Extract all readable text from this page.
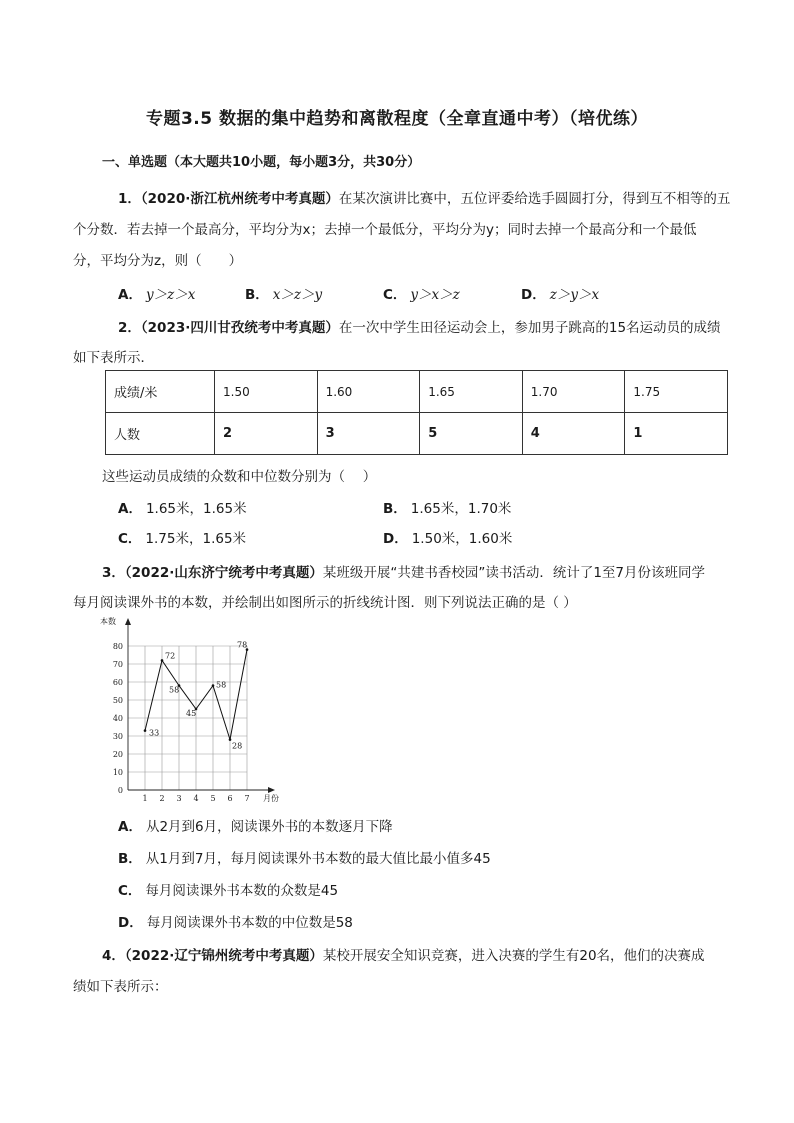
专题3.5 数据的集中趋势和离散程度（全章直通中考）（培优练）
一、单选题（本大题共10小题，每小题3分，共30分）
1．（2020·浙江杭州统考中考真题）在某次演讲比赛中，五位评委给选手圆圆打分，得到互不相等的五
个分数．若去掉一个最高分，平均分为x；去掉一个最低分，平均分为y；同时去掉一个最高分和一个最低
分，平均分为z，则（　　）
A． y＞z＞x	B． x＞z＞y	C． y＞x＞z	D． z＞y＞x
2．（2023·四川甘孜统考中考真题）在一次中学生田径运动会上，参加男子跳高的15名运动员的成绩
如下表所示．
成绩/米	1.50	1.60	1.65	1.70	1.75
人数	2	3	5	4	1
这些运动员成绩的众数和中位数分别为（　 ）
A． 1.65米，1.65米	B． 1.65米，1.70米
C． 1.75米，1.65米	D． 1.50米，1.60米
3．（2022·山东济宁统考中考真题）某班级开展“共建书香校园”读书活动．统计了1至7月份该班同学
每月阅读课外书的本数，并绘制出如图所示的折线统计图．则下列说法正确的是（ ）
0
10
20
30
40
50
60
70
80
1 2 3 4 5 6 7
本数
月份
33
72
58
45
58
28
78
A． 从2月到6月，阅读课外书的本数逐月下降
B． 从1月到7月，每月阅读课外书本数的最大值比最小值多45
C． 每月阅读课外书本数的众数是45
D． 每月阅读课外书本数的中位数是58
4．（2022·辽宁锦州统考中考真题）某校开展安全知识竞赛，进入决赛的学生有20名，他们的决赛成
绩如下表所示：
